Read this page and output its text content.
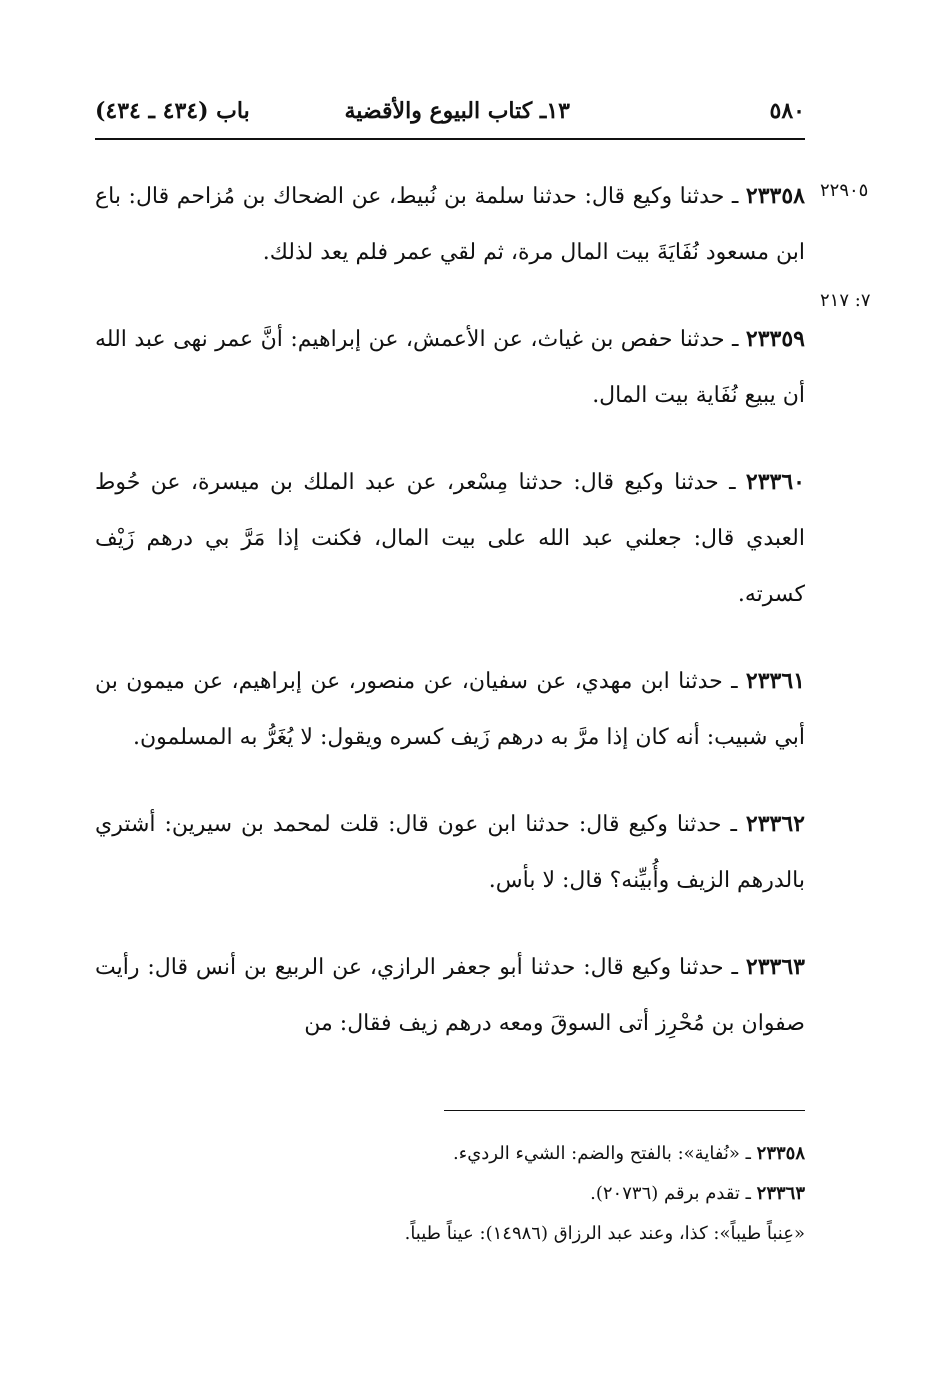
٥٨٠
١٣ـ كتاب البيوع والأقضية
باب (٤٣٤ ـ ٤٣٤)
٢٢٩٠٥
٧: ٢١٧

٢٣٣٥٨ ـ حدثنا وكيع قال: حدثنا سلمة بن نُبيط، عن الضحاك بن مُزاحم قال: باع ابن مسعود نُفَايَةَ بيت المال مرة، ثم لقي عمر فلم يعد لذلك.

٢٣٣٥٩ ـ حدثنا حفص بن غياث، عن الأعمش، عن إبراهيم: أنَّ عمر نهى عبد الله أن يبيع نُفَاية بيت المال.

٢٣٣٦٠ ـ حدثنا وكيع قال: حدثنا مِسْعر، عن عبد الملك بن ميسرة، عن حُوط العبدي قال: جعلني عبد الله على بيت المال، فكنت إذا مَرَّ بي درهم زَيْف كسرته.

٢٣٣٦١ ـ حدثنا ابن مهدي، عن سفيان، عن منصور، عن إبراهيم، عن ميمون بن أبي شبيب: أنه كان إذا مرَّ به درهم زَيف كسره ويقول: لا يُغَرُّ به المسلمون.

٢٣٣٦٢ ـ حدثنا وكيع قال: حدثنا ابن عون قال: قلت لمحمد بن سيرين: أشتري بالدرهم الزيف وأُبيِّنه؟ قال: لا بأس.

٢٣٣٦٣ ـ حدثنا وكيع قال: حدثنا أبو جعفر الرازي، عن الربيع بن أنس قال: رأيت صفوان بن مُحْرِز أتى السوقَ ومعه درهم زيف فقال: من

٢٣٣٥٨ ـ «نُفاية»: بالفتح والضم: الشيء الرديء.
٢٣٣٦٣ ـ تقدم برقم (٢٠٧٣٦).
«عِنباً طيباً»: كذا، وعند عبد الرزاق (١٤٩٨٦): عيناً طيباً.
